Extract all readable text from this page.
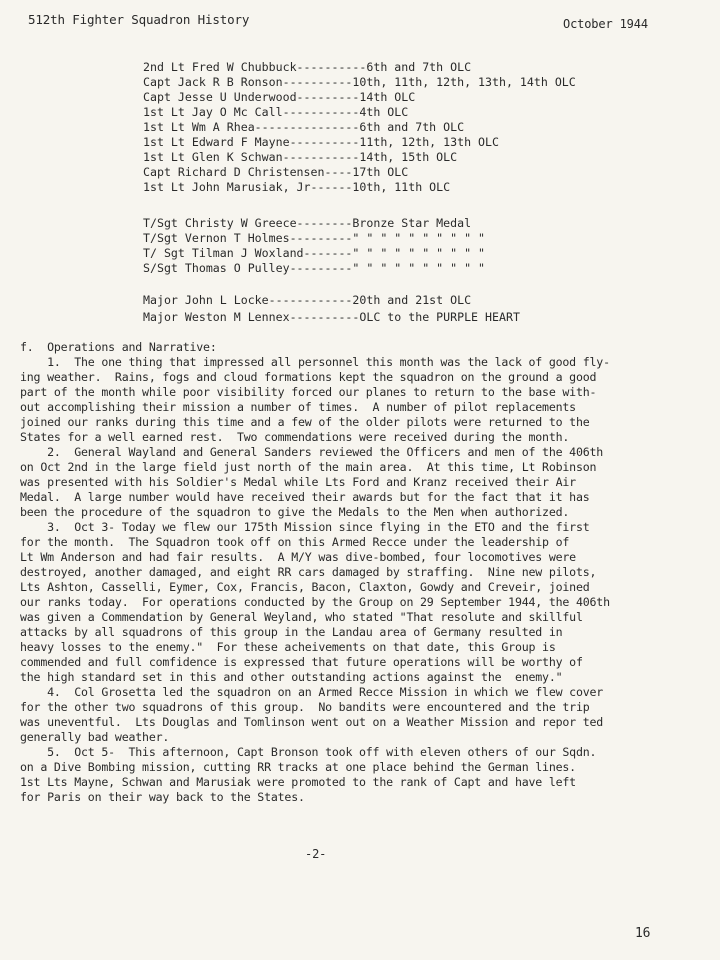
512th Fighter Squadron History	October 1944
2nd Lt Fred W Chubbuck----------6th and 7th OLC
Capt Jack R B Ronson----------10th, 11th, 12th, 13th, 14th OLC
Capt Jesse U Underwood---------14th OLC
1st Lt Jay O Mc Call-----------4th OLC
1st Lt Wm A Rhea---------------6th and 7th OLC
1st Lt Edward F Mayne----------11th, 12th, 13th OLC
1st Lt Glen K Schwan-----------14th, 15th OLC
Capt Richard D Christensen----17th OLC
1st Lt John Marusiak, Jr------10th, 11th OLC
T/Sgt Christy W Greece--------Bronze Star Medal
T/Sgt Vernon T Holmes---------" " " " " " " " " "
T/ Sgt Tilman J Woxland-------" " " " " " " " " "
S/Sgt Thomas O Pulley---------" " " " " " " " " "
Major John L Locke------------20th and 21st OLC
Major Weston M Lennex----------OLC to the PURPLE HEART
f.  Operations and Narrative:
1.  The one thing that impressed all personnel this month was the lack of good fly-
ing weather.  Rains, fogs and cloud formations kept the squadron on the ground a good
part of the month while poor visibility forced our planes to return to the base with-
out accomplishing their mission a number of times.  A number of pilot replacements
joined our ranks during this time and a few of the older pilots were returned to the
States for a well earned rest.  Two commendations were received during the month.
2.  General Wayland and General Sanders reviewed the Officers and men of the 406th
on Oct 2nd in the large field just north of the main area.  At this time, Lt Robinson
was presented with his Soldier's Medal while Lts Ford and Kranz received their Air
Medal.  A large number would have received their awards but for the fact that it has
been the procedure of the squadron to give the Medals to the Men when authorized.
3.  Oct 3- Today we flew our 175th Mission since flying in the ETO and the first
for the month.  The Squadron took off on this Armed Recce under the leadership of
Lt Wm Anderson and had fair results.  A M/Y was dive-bombed, four locomotives were
destroyed, another damaged, and eight RR cars damaged by straffing.  Nine new pilots,
Lts Ashton, Casselli, Eymer, Cox, Francis, Bacon, Claxton, Gowdy and Creveir, joined
our ranks today.  For operations conducted by the Group on 29 September 1944, the 406th
was given a Commendation by General Weyland, who stated "That resolute and skillful
attacks by all squadrons of this group in the Landau area of Germany resulted in
heavy losses to the enemy."  For these acheivements on that date, this Group is
commended and full comfidence is expressed that future operations will be worthy of
the high standard set in this and other outstanding actions against the  enemy."
4.  Col Grosetta led the squadron on an Armed Recce Mission in which we flew cover
for the other two squadrons of this group.  No bandits were encountered and the trip
was uneventful.  Lts Douglas and Tomlinson went out on a Weather Mission and repor ted
generally bad weather.
5.  Oct 5-  This afternoon, Capt Bronson took off with eleven others of our Sqdn.
on a Dive Bombing mission, cutting RR tracks at one place behind the German lines.
1st Lts Mayne, Schwan and Marusiak were promoted to the rank of Capt and have left
for Paris on their way back to the States.
-2-
16
